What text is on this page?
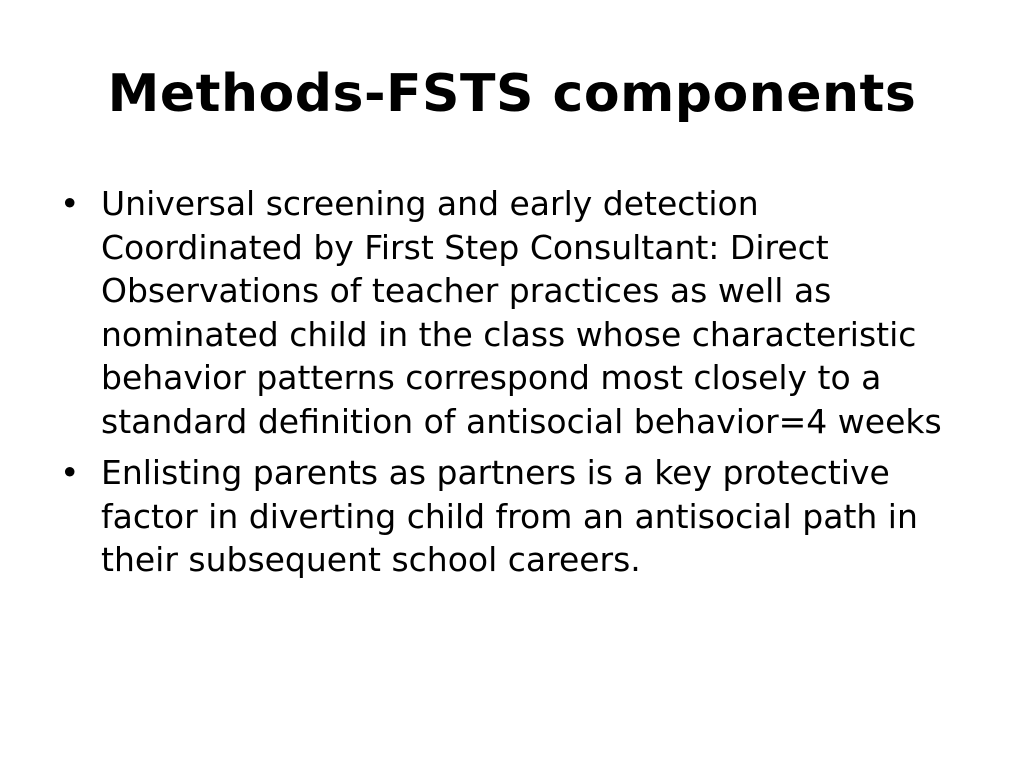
Methods-FSTS components
• Universal screening and early detection Coordinated by First Step Consultant: Direct Observations of teacher practices as well as nominated child in the class whose characteristic behavior patterns correspond most closely to a standard definition of antisocial behavior=4 weeks
• Enlisting parents as partners is a key protective factor in diverting child from an antisocial path in their subsequent school careers.
